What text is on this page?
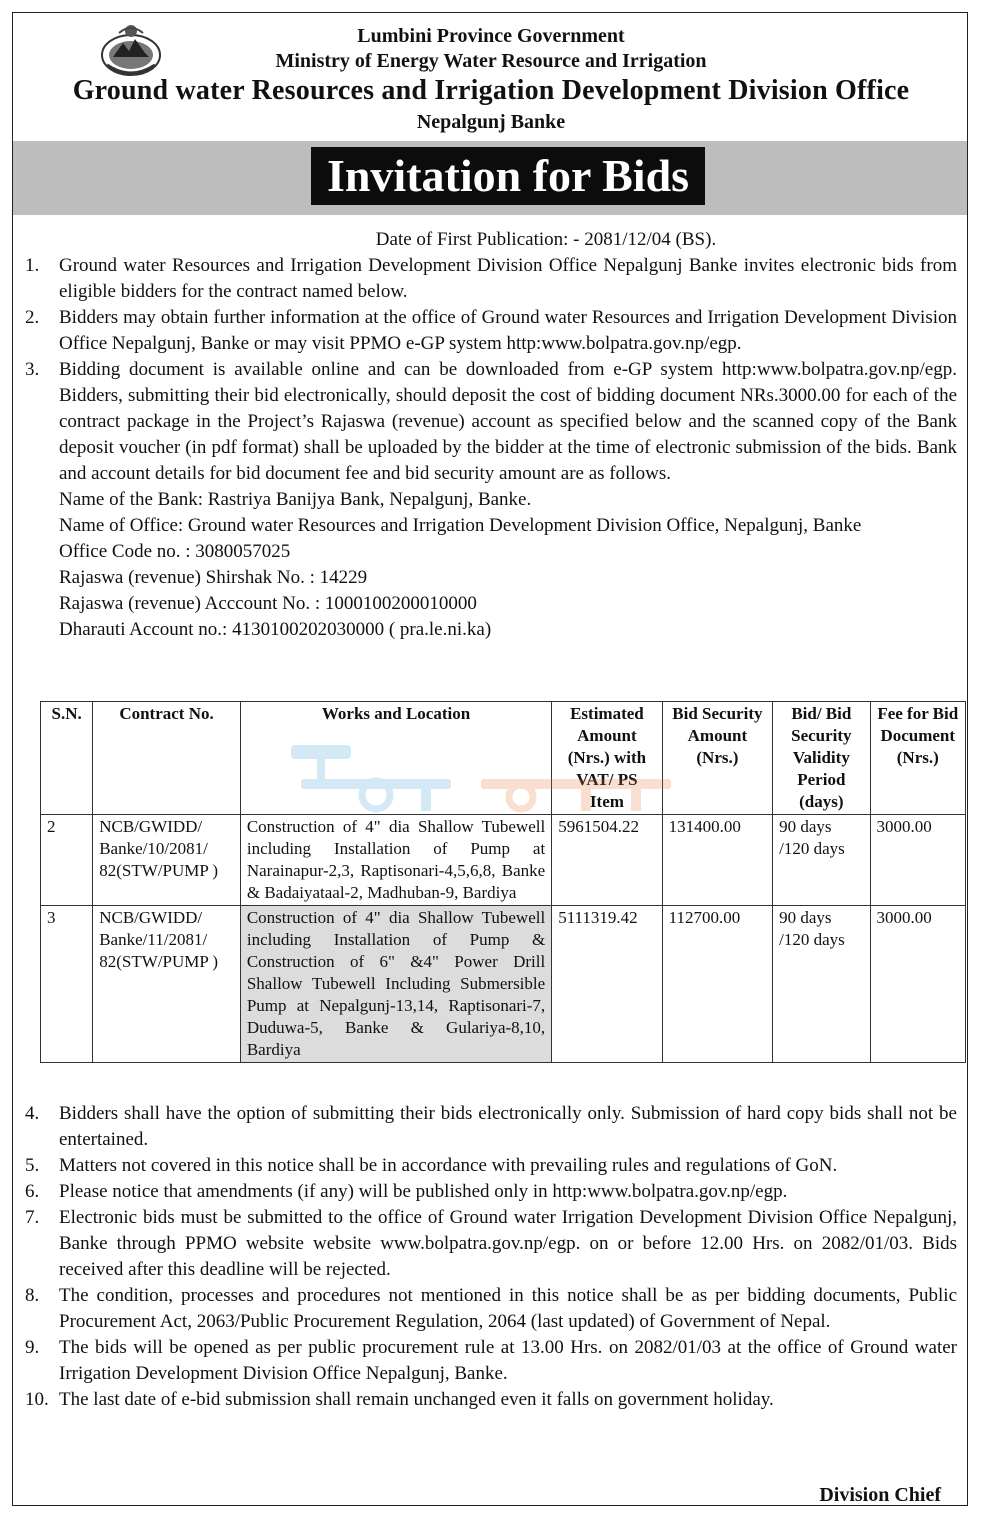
Lumbini Province Government
Ministry of Energy Water Resource and Irrigation
Ground water Resources and Irrigation Development Division Office
Nepalgunj Banke
Invitation for Bids
Date of First Publication: - 2081/12/04 (BS).
1. Ground water Resources and Irrigation Development Division Office Nepalgunj Banke invites electronic bids from eligible bidders for the contract named below.
2. Bidders may obtain further information at the office of Ground water Resources and Irrigation Development Division Office Nepalgunj, Banke or may visit PPMO e-GP system http:www.bolpatra.gov.np/egp.
3. Bidding document is available online and can be downloaded from e-GP system http:www.bolpatra.gov.np/egp. Bidders, submitting their bid electronically, should deposit the cost of bidding document NRs.3000.00 for each of the contract package in the Project’s Rajaswa (revenue) account as specified below and the scanned copy of the Bank deposit voucher (in pdf format) shall be uploaded by the bidder at the time of electronic submission of the bids. Bank and account details for bid document fee and bid security amount are as follows.
Name of the Bank: Rastriya Banijya Bank, Nepalgunj, Banke.
Name of Office: Ground water Resources and Irrigation Development Division Office, Nepalgunj, Banke
Office Code no. : 3080057025
Rajaswa (revenue) Shirshak No. : 14229
Rajaswa (revenue) Acccount No. : 1000100200010000
Dharauti Account no.: 4130100202030000 ( pra.le.ni.ka)
S.N.	Contract No.	Works and Location	Estimated Amount (Nrs.) with VAT/ PS Item	Bid Security Amount (Nrs.)	Bid/ Bid Security Validity Period (days)	Fee for Bid Document (Nrs.)
2	NCB/GWIDD/ Banke/10/2081/ 82(STW/PUMP )	Construction of 4" dia Shallow Tubewell including Installation of Pump at Narainapur-2,3, Raptisonari-4,5,6,8, Banke & Badaiyataal-2, Madhuban-9, Bardiya	5961504.22	131400.00	90 days /120 days	3000.00
3	NCB/GWIDD/ Banke/11/2081/ 82(STW/PUMP )	Construction of 4" dia Shallow Tubewell including Installation of Pump & Construction of 6" &4" Power Drill Shallow Tubewell Including Submersible Pump at Nepalgunj-13,14, Raptisonari-7, Duduwa-5, Banke & Gulariya-8,10, Bardiya	5111319.42	112700.00	90 days /120 days	3000.00
4. Bidders shall have the option of submitting their bids electronically only. Submission of hard copy bids shall not be entertained.
5. Matters not covered in this notice shall be in accordance with prevailing rules and regulations of GoN.
6. Please notice that amendments (if any) will be published only in http:www.bolpatra.gov.np/egp.
7. Electronic bids must be submitted to the office of Ground water Irrigation Development Division Office Nepalgunj, Banke through PPMO website website www.bolpatra.gov.np/egp. on or before 12.00 Hrs. on 2082/01/03. Bids received after this deadline will be rejected.
8. The condition, processes and procedures not mentioned in this notice shall be as per bidding documents, Public Procurement Act, 2063/Public Procurement Regulation, 2064 (last updated) of Government of Nepal.
9. The bids will be opened as per public procurement rule at 13.00 Hrs. on 2082/01/03 at the office of Ground water Irrigation Development Division Office Nepalgunj, Banke.
10. The last date of e-bid submission shall remain unchanged even it falls on government holiday.
Division Chief
